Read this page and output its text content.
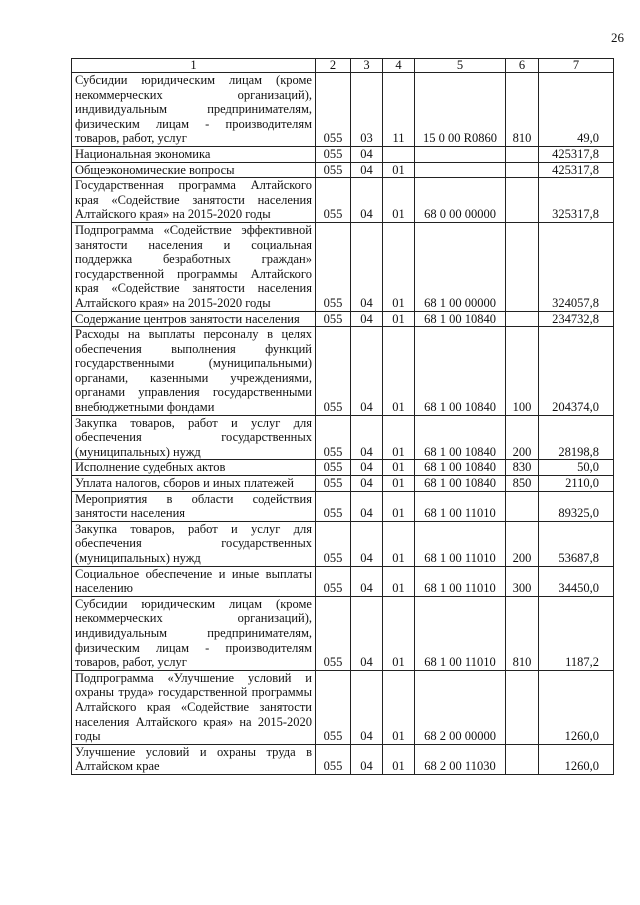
26
1	2	3	4	5	6	7
Субсидии юридическим лицам (кроме некоммерческих организаций), индивидуальным предпринимателям, физическим лицам - производителям товаров, работ, услуг	055	03	11	15 0 00 R0860	810	49,0
Национальная экономика	055	04				425317,8
Общеэкономические вопросы	055	04	01			425317,8
Государственная программа Алтайского края «Содействие занятости населения Алтайского края» на 2015-2020 годы	055	04	01	68 0 00 00000		325317,8
Подпрограмма «Содействие эффективной занятости населения и социальная поддержка безработных граждан» государственной программы Алтайского края «Содействие занятости населения Алтайского края» на 2015-2020 годы	055	04	01	68 1 00 00000		324057,8
Содержание центров занятости населения	055	04	01	68 1 00 10840		234732,8
Расходы на выплаты персоналу в целях обеспечения выполнения функций государственными (муниципальными) органами, казенными учреждениями, органами управления государственными внебюджетными фондами	055	04	01	68 1 00 10840	100	204374,0
Закупка товаров, работ и услуг для обеспечения государственных (муниципальных) нужд	055	04	01	68 1 00 10840	200	28198,8
Исполнение судебных актов	055	04	01	68 1 00 10840	830	50,0
Уплата налогов, сборов и иных платежей	055	04	01	68 1 00 10840	850	2110,0
Мероприятия в области содействия занятости населения	055	04	01	68 1 00 11010		89325,0
Закупка товаров, работ и услуг для обеспечения государственных (муниципальных) нужд	055	04	01	68 1 00 11010	200	53687,8
Социальное обеспечение и иные выплаты населению	055	04	01	68 1 00 11010	300	34450,0
Субсидии юридическим лицам (кроме некоммерческих организаций), индивидуальным предпринимателям, физическим лицам - производителям товаров, работ, услуг	055	04	01	68 1 00 11010	810	1187,2
Подпрограмма «Улучшение условий и охраны труда» государственной программы Алтайского края «Содействие занятости населения Алтайского края» на 2015-2020 годы	055	04	01	68 2 00 00000		1260,0
Улучшение условий и охраны труда в Алтайском крае	055	04	01	68 2 00 11030		1260,0
